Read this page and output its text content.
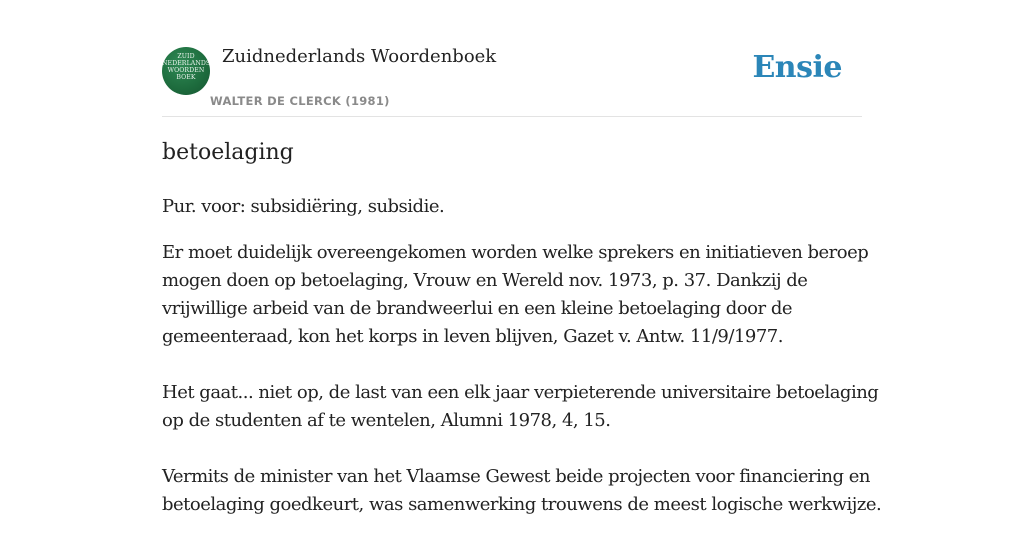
ZUID
NEDERLANDS
WOORDEN
BOEK
Zuidnederlands Woordenboek
WALTER DE CLERCK (1981)
Ensie
betoelaging

Pur. voor: subsidiëring, subsidie.

Er moet duidelijk overeengekomen worden welke sprekers en initiatieven beroep
mogen doen op betoelaging, Vrouw en Wereld nov. 1973, p. 37. Dankzij de
vrijwillige arbeid van de brandweerlui en een kleine betoelaging door de
gemeenteraad, kon het korps in leven blijven, Gazet v. Antw. 11/9/1977.

Het gaat... niet op, de last van een elk jaar verpieterende universitaire betoelaging
op de studenten af te wentelen, Alumni 1978, 4, 15.

Vermits de minister van het Vlaamse Gewest beide projecten voor financiering en
betoelaging goedkeurt, was samenwerking trouwens de meest logische werkwijze.
